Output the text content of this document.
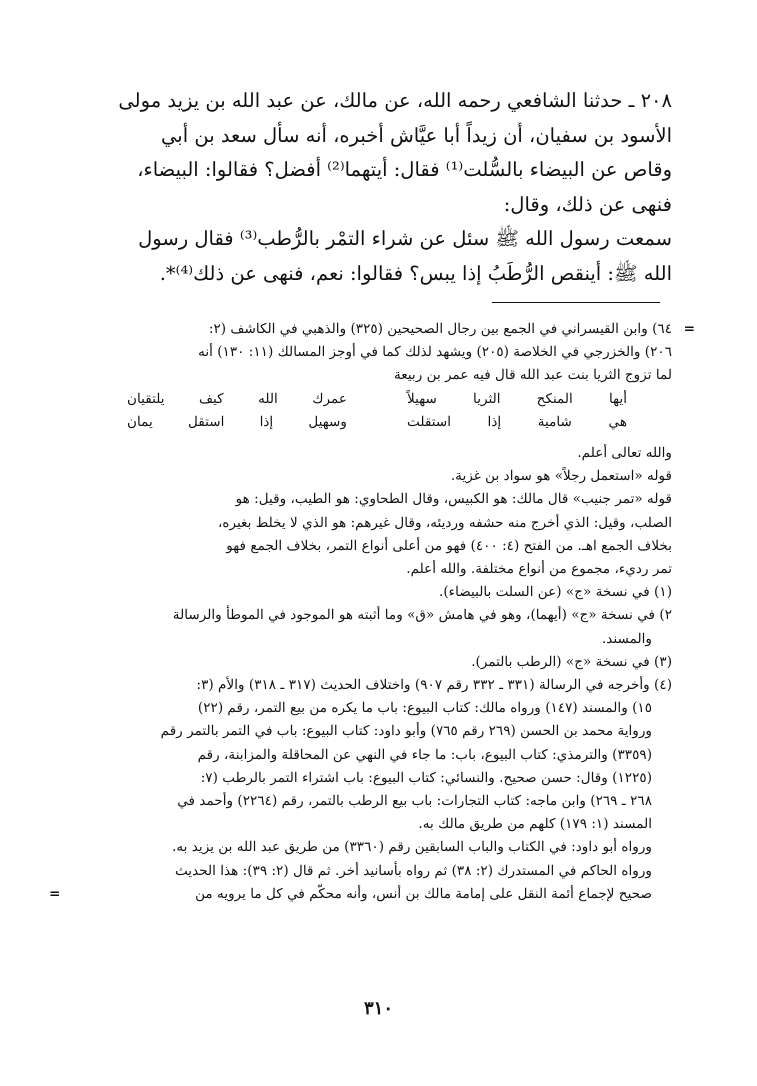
٢٠٨ ـ حدثنا الشافعي رحمه الله، عن مالك، عن عبد الله بن يزيد مولى

الأسود بن سفيان، أن زيداً أبا عيَّاش أخبره، أنه سأل سعد بن أبي

وقاص عن البيضاء بالسُّلت⁽¹⁾ فقال: أيتهما⁽²⁾ أفضل؟ فقالوا: البيضاء،

فنهى عن ذلك، وقال:

سمعت رسول الله ﷺ سئل عن شراء التمْر بالرُّطب⁽³⁾ فقال رسول

الله ﷺ: أينقص الرُّطَبُ إذا يبس؟ فقالوا: نعم، فنهى عن ذلك⁽⁴⁾*.

=
٦٤) وابن القيسراني في الجمع بين رجال الصحيحين (٣٢٥) والذهبي في الكاشف (٢:

٢٠٦) والخزرجي في الخلاصة (٢٠٥) ويشهد لذلك كما في أوجز المسالك (١١: ١٣٠) أنه

لما تزوج الثريا بنت عبد الله قال فيه عمر بن ربيعة

أيها المنكح الثريا سهيلاً
عمرك الله كيف يلتقيان
هي شامية إذا استقلت
وسهيل إذا استقل يمان

والله تعالى أعلم.

قوله «استعمل رجلاً» هو سواد بن غزية.

قوله «تمر جنيب» قال مالك: هو الكبيس، وقال الطحاوي: هو الطيب، وقيل: هو

الصلب، وقيل: الذي أخرج منه حشفه ورديئه، وقال غيرهم: هو الذي لا يخلط بغيره،

بخلاف الجمع اهـ. من الفتح (٤: ٤٠٠) فهو من أعلى أنواع التمر، بخلاف الجمع فهو

تمر رديء، مجموع من أنواع مختلفة. والله أعلم.

(١) في نسخة «ج» (عن السلت بالبيضاء).

٢) في نسخة «ج» (أيهما)، وهو في هامش «ق» وما أثبته هو الموجود في الموطأ والرسالة

والمسند.

(٣) في نسخة «ج» (الرطب بالتمر).

(٤) وأخرجه في الرسالة (٣٣١ ـ ٣٣٢ رقم ٩٠٧) واختلاف الحديث (٣١٧ ـ ٣١٨) والأم (٣:

١٥) والمسند (١٤٧) ورواه مالك: كتاب البيوع: باب ما يكره من بيع التمر، رقم (٢٢)

ورواية محمد بن الحسن (٢٦٩ رقم ٧٦٥) وأبو داود: كتاب البيوع: باب في التمر بالتمر رقم

(٣٣٥٩) والترمذي: كتاب البيوع، باب: ما جاء في النهي عن المحاقلة والمزابنة، رقم

(١٢٢٥) وقال: حسن صحيح. والنسائي: كتاب البيوع: باب اشتراء التمر بالرطب (٧:

٢٦٨ ـ ٢٦٩) وابن ماجه: كتاب التجارات: باب بيع الرطب بالتمر، رقم (٢٢٦٤) وأحمد في

المسند (١: ١٧٩) كلهم من طريق مالك به.

ورواه أبو داود: في الكتاب والباب السابقين رقم (٣٣٦٠) من طريق عبد الله بن يزيد به.

ورواه الحاكم في المستدرك (٢: ٣٨) ثم رواه بأسانيد أخر. ثم قال (٢: ٣٩): هذا الحديث

صحيح لإجماع أئمة النقل على إمامة مالك بن أنس، وأنه محكّم في كل ما يرويه من
=

٣١٠
